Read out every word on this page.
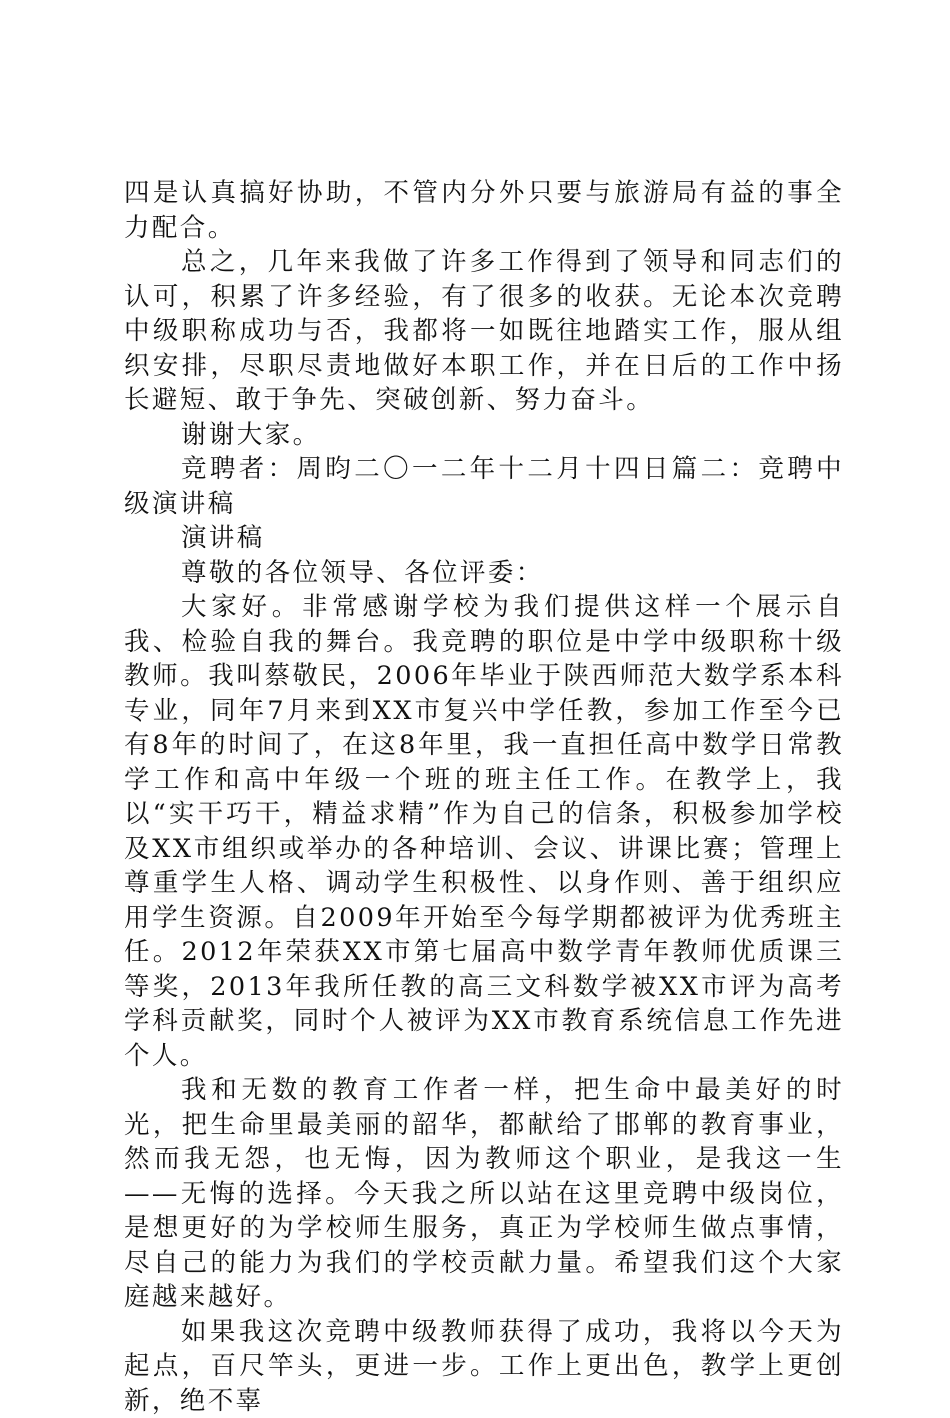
四是认真搞好协助，不管内分外只要与旅游局有益的事全力配合。

总之，几年来我做了许多工作得到了领导和同志们的认可，积累了许多经验，有了很多的收获。无论本次竞聘中级职称成功与否，我都将一如既往地踏实工作，服从组织安排，尽职尽责地做好本职工作，并在日后的工作中扬长避短、敢于争先、突破创新、努力奋斗。

谢谢大家。

竞聘者：周昀二〇一二年十二月十四日篇二：竞聘中级演讲稿

演讲稿

尊敬的各位领导、各位评委：

大家好。非常感谢学校为我们提供这样一个展示自我、检验自我的舞台。我竞聘的职位是中学中级职称十级教师。我叫蔡敬民，2006年毕业于陕西师范大数学系本科专业，同年7月来到XX市复兴中学任教，参加工作至今已有8年的时间了，在这8年里，我一直担任高中数学日常教学工作和高中年级一个班的班主任工作。在教学上，我以“实干巧干，精益求精”作为自己的信条，积极参加学校及XX市组织或举办的各种培训、会议、讲课比赛；管理上尊重学生人格、调动学生积极性、以身作则、善于组织应用学生资源。自2009年开始至今每学期都被评为优秀班主任。2012年荣获XX市第七届高中数学青年教师优质课三等奖，2013年我所任教的高三文科数学被XX市评为高考学科贡献奖，同时个人被评为XX市教育系统信息工作先进个人。

我和无数的教育工作者一样，把生命中最美好的时光，把生命里最美丽的韶华，都献给了邯郸的教育事业，然而我无怨，也无悔，因为教师这个职业，是我这一生——无悔的选择。今天我之所以站在这里竞聘中级岗位，是想更好的为学校师生服务，真正为学校师生做点事情，尽自己的能力为我们的学校贡献力量。希望我们这个大家庭越来越好。

如果我这次竞聘中级教师获得了成功，我将以今天为起点，百尺竿头，更进一步。工作上更出色，教学上更创新，绝不辜
